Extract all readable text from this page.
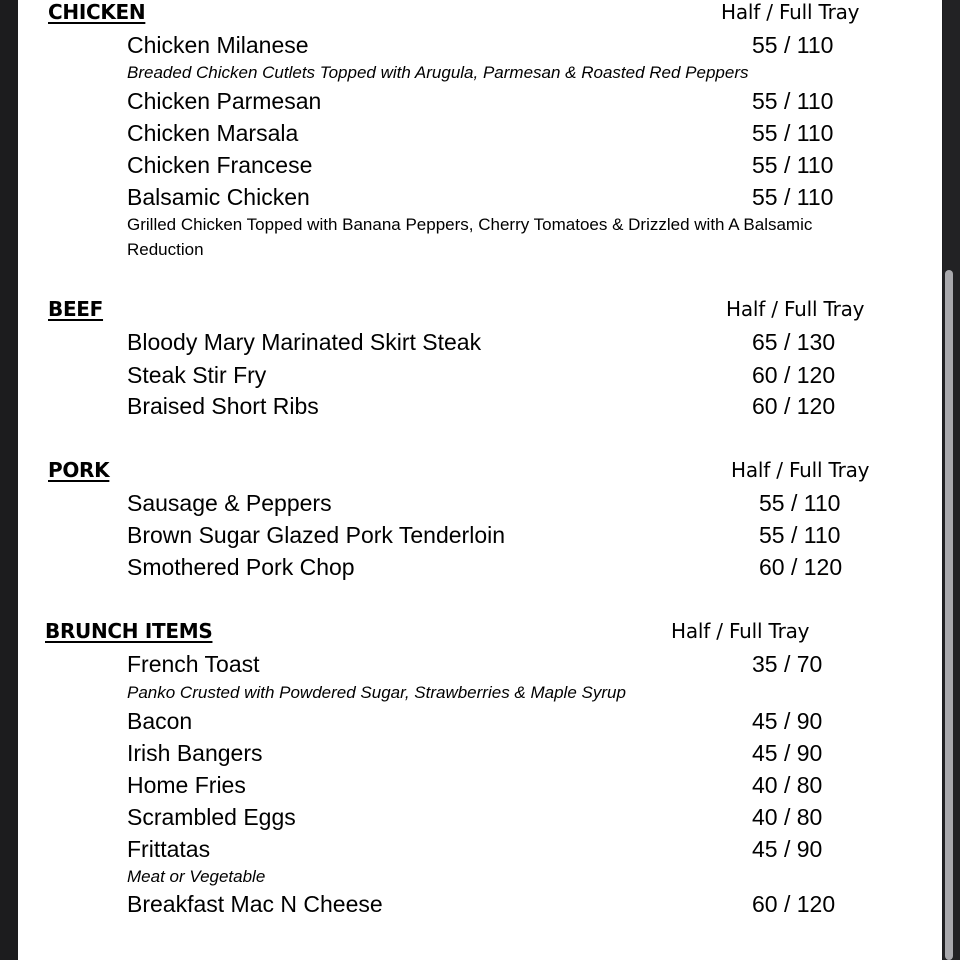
CHICKEN	Half / Full Tray
Chicken Milanese	55 / 110
Breaded Chicken Cutlets Topped with Arugula, Parmesan & Roasted Red Peppers
Chicken Parmesan	55 / 110
Chicken Marsala	55 / 110
Chicken Francese	55 / 110
Balsamic Chicken	55 / 110
Grilled Chicken Topped with Banana Peppers, Cherry Tomatoes & Drizzled with A Balsamic Reduction
BEEF	Half / Full Tray
Bloody Mary Marinated Skirt Steak	65 / 130
Steak Stir Fry	60 / 120
Braised Short Ribs	60 / 120
PORK	Half / Full Tray
Sausage & Peppers	55 / 110
Brown Sugar Glazed Pork Tenderloin	55 / 110
Smothered Pork Chop	60 / 120
BRUNCH ITEMS	Half / Full Tray
French Toast	35 / 70
Panko Crusted with Powdered Sugar, Strawberries & Maple Syrup
Bacon	45 / 90
Irish Bangers	45 / 90
Home Fries	40 / 80
Scrambled Eggs	40 / 80
Frittatas	45 / 90
Meat or Vegetable
Breakfast Mac N Cheese	60 / 120
